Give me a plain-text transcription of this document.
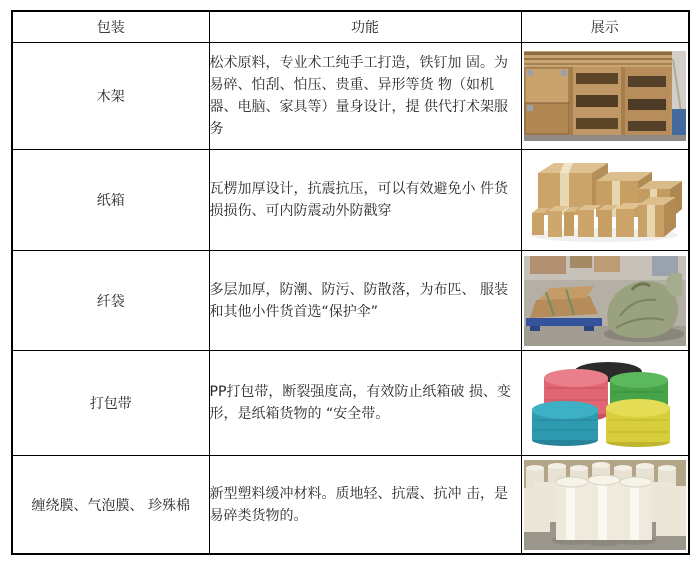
包装	功能	展示
木架	松术原料，专业术工纯手工打造，铁钉加 固。为易碎、怕刮、怕压、贵重、异形等货 物（如机器、电脑、家具等）量身设计，提 供代打术架服务	

纸箱	瓦楞加厚设计，抗震抗压，可以有效避免小 件货损损伤、可内防震动外防戳穿	

纤袋	多层加厚，防潮、防污、防散落，为布匹、 服装和其他小件货首选“保护伞”	

打包带	PP打包带，断裂强度高，有效防止纸箱破 损、变形，是纸箱货物的 “安全带。	

缠绕膜、气泡膜、 珍殊棉	新型塑料缓冲材料。质地轻、抗震、抗冲 击，是易碎类货物的。	
